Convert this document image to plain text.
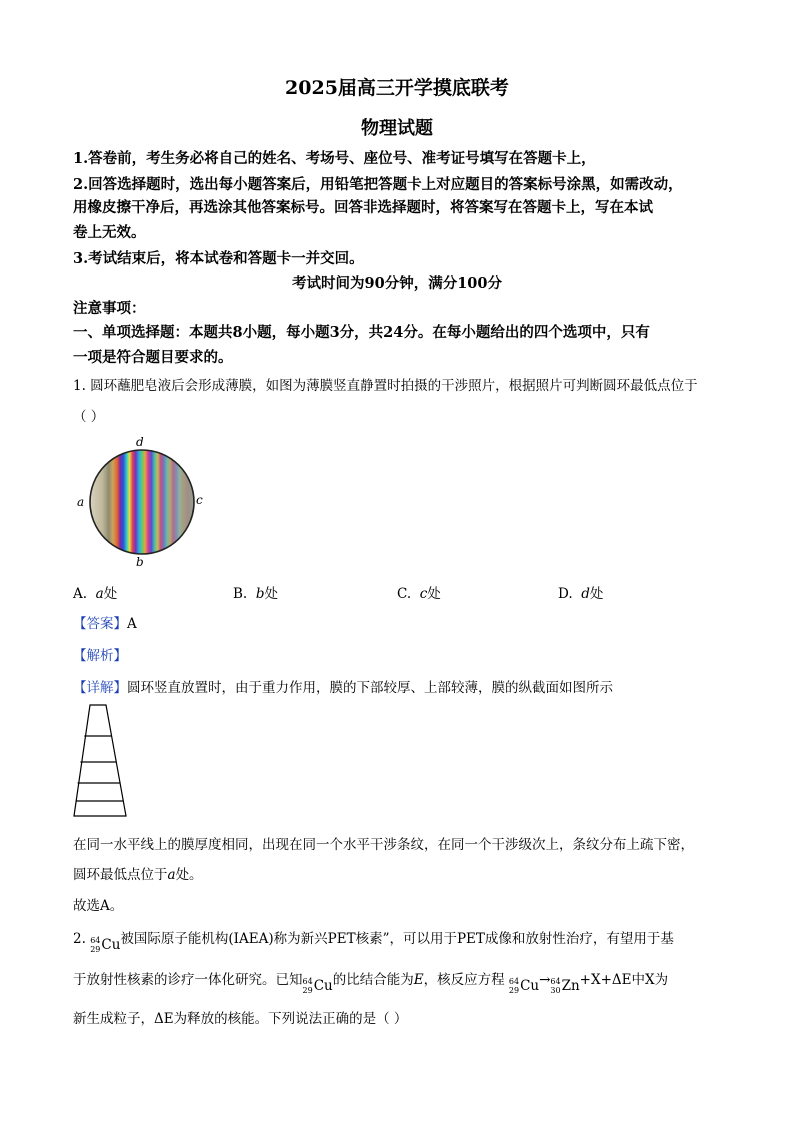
2025届高三开学摸底联考
物理试题
1.答卷前，考生务必将自己的姓名、考场号、座位号、准考证号填写在答题卡上，
2.回答选择题时，选出每小题答案后，用铅笔把答题卡上对应题目的答案标号涂黑，如需改动，
用橡皮擦干净后，再选涂其他答案标号。回答非选择题时，将答案写在答题卡上，写在本试
卷上无效。
3.考试结束后，将本试卷和答题卡一并交回。
考试时间为90分钟，满分100分
注意事项：
一、单项选择题：本题共8小题，每小题3分，共24分。在每小题给出的四个选项中，只有
一项是符合题目要求的。
1. 圆环蘸肥皂液后会形成薄膜，如图为薄膜竖直静置时拍摄的干涉照片，根据照片可判断圆环最低点位于
（ ）
d
a	c
b
A. a处	B. b处	C. c处	D. d处
【答案】A
【解析】
【详解】圆环竖直放置时，由于重力作用，膜的下部较厚、上部较薄，膜的纵截面如图所示
在同一水平线上的膜厚度相同，出现在同一个水平干涉条纹，在同一个干涉级次上，条纹分布上疏下密，
圆环最低点位于a处。
故选A。
2. 64
29 Cu 被国际原子能机构(IAEA)称为新兴PET核素”，可以用于PET成像和放射性治疗，有望用于基
于放射性核素的诊疗一体化研究。已知 64
29 Cu 的比结合能为E，核反应方程 64
29 Cu → 64
30 Zn +X+ΔE中X为
新生成粒子，ΔE为释放的核能。下列说法正确的是（ ）
